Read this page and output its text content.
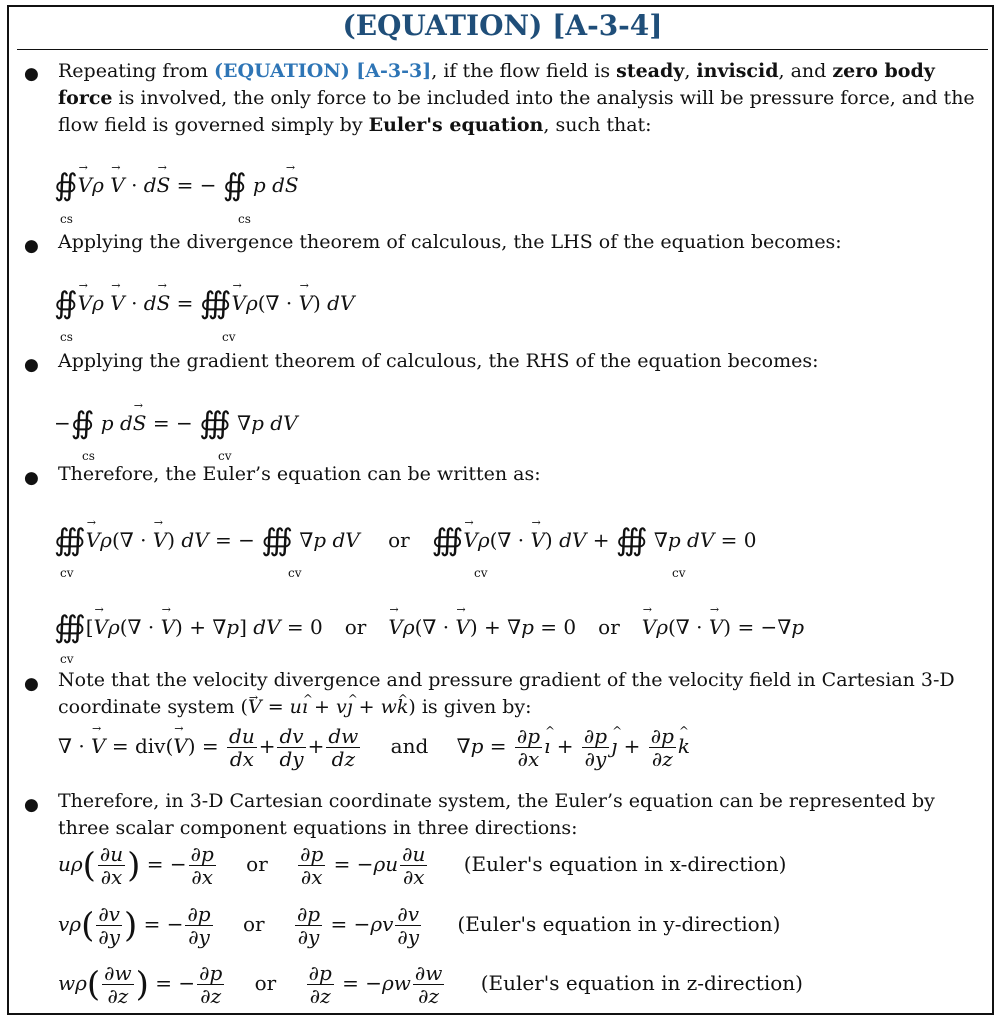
(EQUATION) [A-3-4]
● Repeating from (EQUATION) [A-3-3], if the flow field is steady, inviscid, and zero body force is involved, the only force to be included into the analysis will be pressure force, and the flow field is governed simply by Euler's equation, such that:
∯→ Vρ → V · d→ S = − ∯ p d→ S
cs	cs
● Applying the divergence theorem of calculous, the LHS of the equation becomes:
∯→ Vρ → V · d→ S = ∰→ Vρ(∇ · → V) dV
cs	cv
● Applying the gradient theorem of calculous, the RHS of the equation becomes:
−∯ p d→ S = − ∰ ∇p dV
cs	cv
● Therefore, the Euler’s equation can be written as:
∰→ Vρ(∇ · → V) dV = − ∰ ∇p dV or ∰→ Vρ(∇ · → V) dV + ∰ ∇p dV = 0
cv	cv	cv	cv
∰[→ Vρ(∇ · → V) + ∇p] dV = 0 or → Vρ(∇ · → V) + ∇p = 0 or → Vρ(∇ · → V) = −∇p
cv
● Note that the velocity divergence and pressure gradient of the velocity field in Cartesian 3-D coordinate system (→ V = u^ ı + v^ ȷ + w^ k) is given by:
∇ · → $V = div(\to V) = \frac{du}{dx} + \frac{dv}{dy} + \frac{dw}{dz}$ and $\nabla p = \frac{\partial p}{\partial x}$ ^ ı + $\frac{\partial p}{\partial y}$ ^ ȷ + $\frac{\partial p}{\partial z}$ ^ k
● Therefore, in 3-D Cartesian coordinate system, the Euler’s equation can be represented by three scalar component equations in three directions:
$u\rho( \frac{\partial u}{\partial x}$ ) = − $\frac{\partial p}{\partial x}$ or $\frac{\partial p}{\partial x} = -\rho u \frac{\partial u}{\partial x}$ (Euler's equation in x-direction)
$v\rho( \frac{\partial v}{\partial y}$ ) = − $\frac{\partial p}{\partial y}$ or $\frac{\partial p}{\partial y} = -\rho v \frac{\partial v}{\partial y}$ (Euler's equation in y-direction)
$w\rho( \frac{\partial w}{\partial z}$ ) = − $\frac{\partial p}{\partial z}$ or $\frac{\partial p}{\partial z} = -\rho w \frac{\partial w}{\partial z}$ (Euler's equation in z-direction)
